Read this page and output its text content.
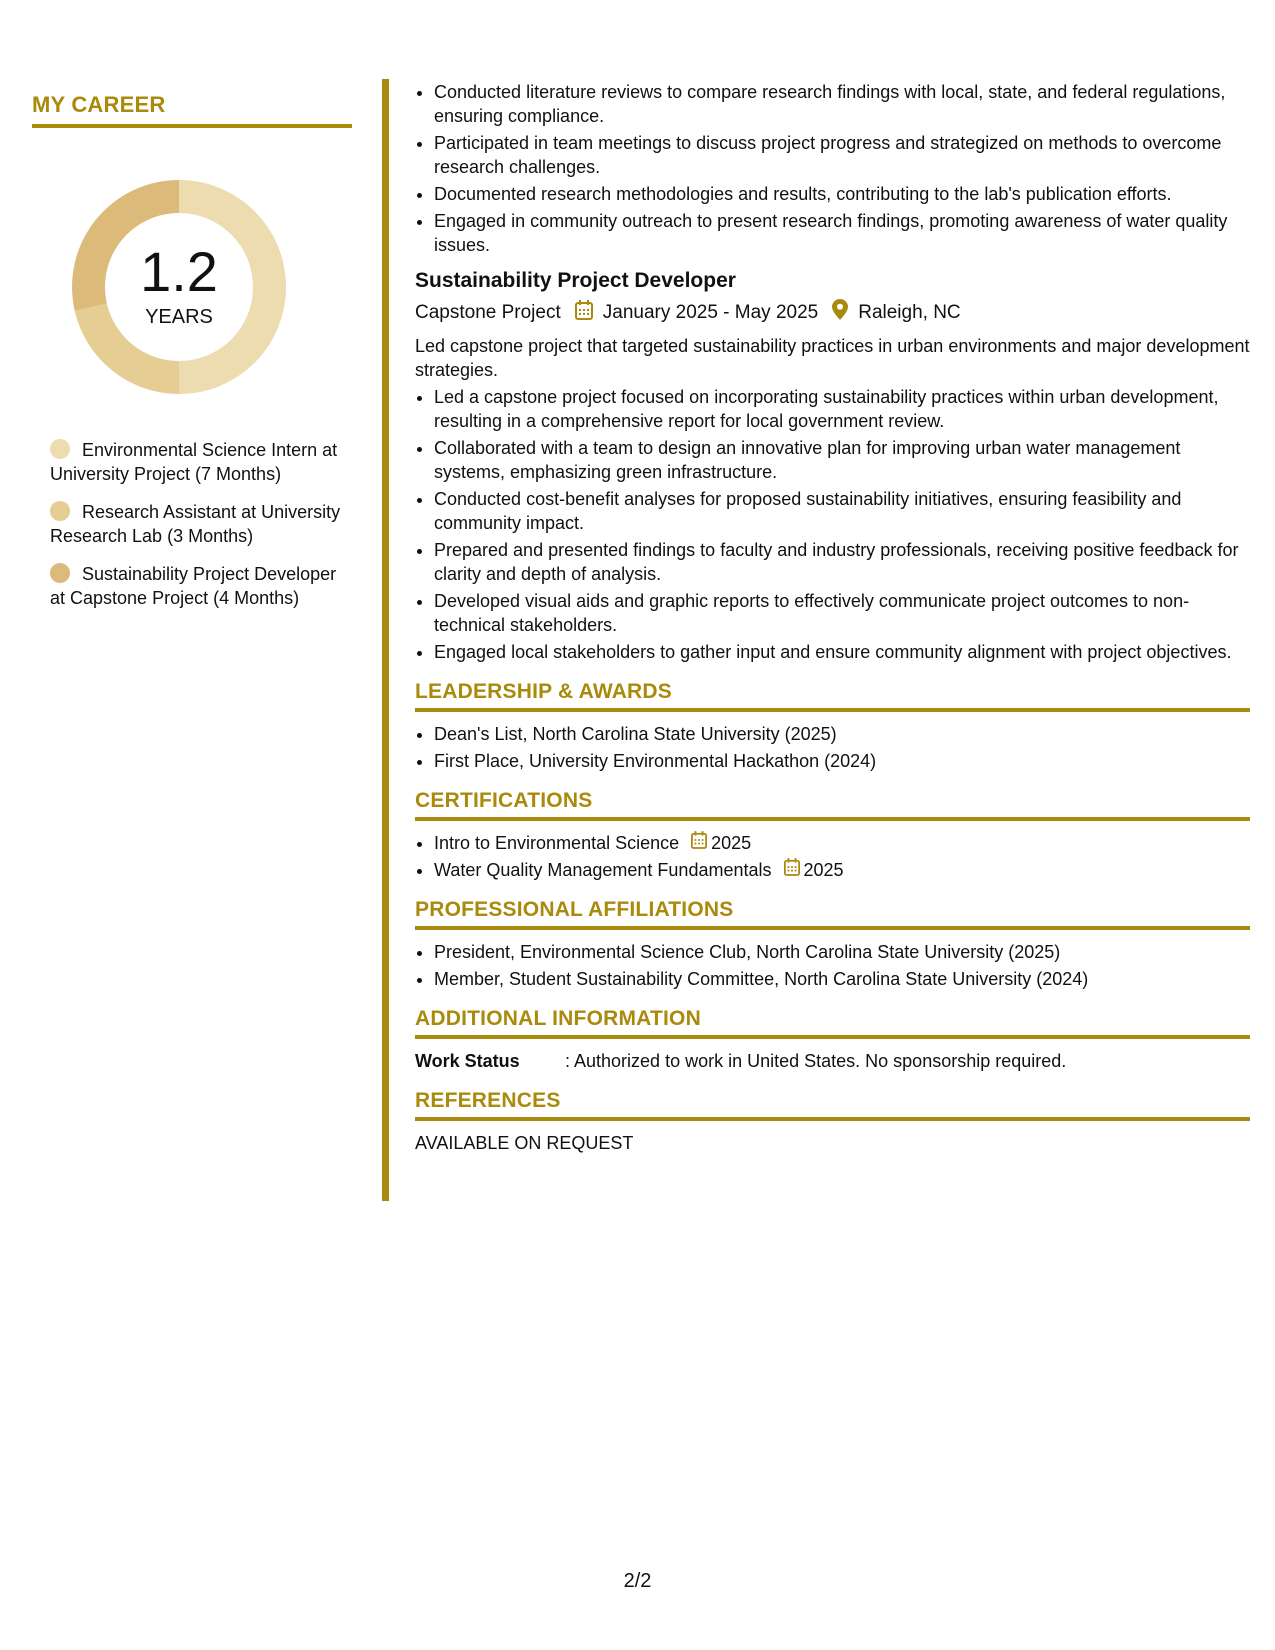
MY CAREER
1.2
YEARS
Environmental Science Intern at University Project (7 Months)
Research Assistant at University Research Lab (3 Months)
Sustainability Project Developer at Capstone Project (4 Months)
• Conducted literature reviews to compare research findings with local, state, and federal regulations, ensuring compliance.
• Participated in team meetings to discuss project progress and strategized on methods to overcome research challenges.
• Documented research methodologies and results, contributing to the lab's publication efforts.
• Engaged in community outreach to present research findings, promoting awareness of water quality issues.
Sustainability Project Developer
Capstone Project January 2025 - May 2025 Raleigh, NC
Led capstone project that targeted sustainability practices in urban environments and major development strategies.
• Led a capstone project focused on incorporating sustainability practices within urban development, resulting in a comprehensive report for local government review.
• Collaborated with a team to design an innovative plan for improving urban water management systems, emphasizing green infrastructure.
• Conducted cost-benefit analyses for proposed sustainability initiatives, ensuring feasibility and community impact.
• Prepared and presented findings to faculty and industry professionals, receiving positive feedback for clarity and depth of analysis.
• Developed visual aids and graphic reports to effectively communicate project outcomes to non-technical stakeholders.
• Engaged local stakeholders to gather input and ensure community alignment with project objectives.
LEADERSHIP & AWARDS
• Dean's List, North Carolina State University (2025)
• First Place, University Environmental Hackathon (2024)
CERTIFICATIONS
• Intro to Environmental Science 2025
• Water Quality Management Fundamentals 2025
PROFESSIONAL AFFILIATIONS
• President, Environmental Science Club, North Carolina State University (2025)
• Member, Student Sustainability Committee, North Carolina State University (2024)
ADDITIONAL INFORMATION
Work Status	: Authorized to work in United States. No sponsorship required.
REFERENCES
AVAILABLE ON REQUEST
2/2
